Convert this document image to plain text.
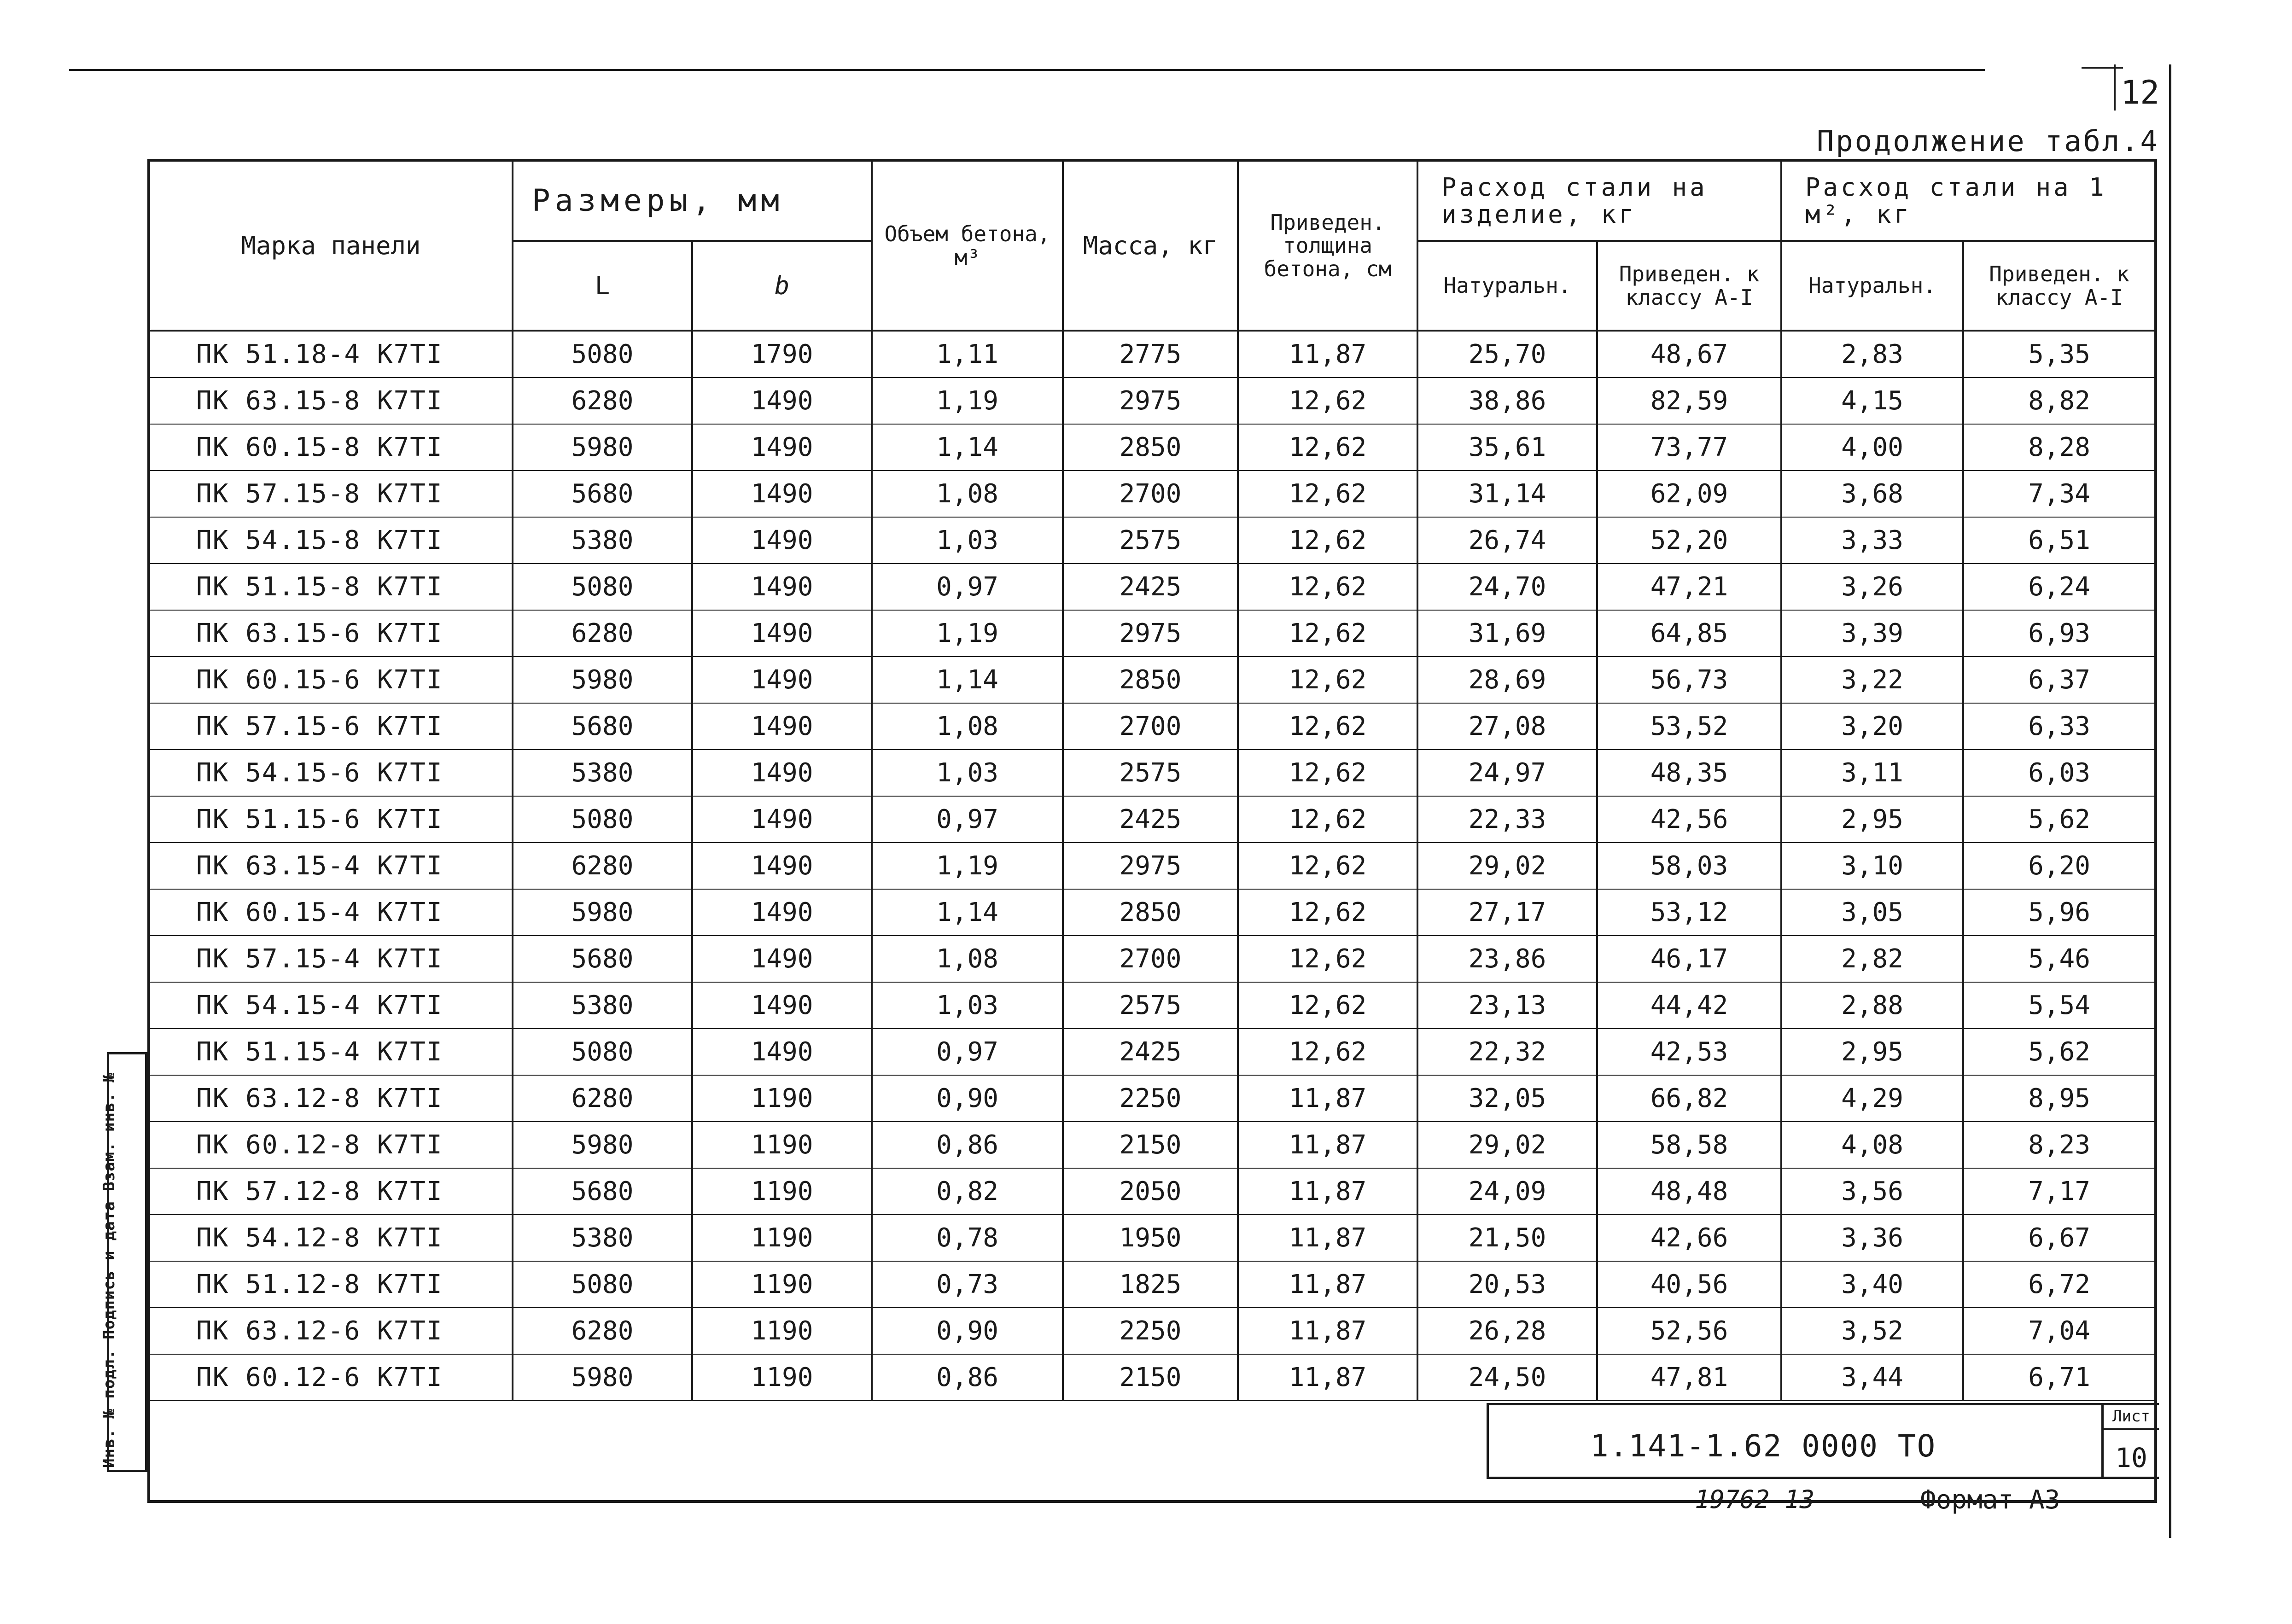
12
Продолжение табл.4
Марка панели	Размеры, мм		Объем бетона, м³	Масса, кг	Приведен. толщина бетона, см	Расход стали на изделие, кг		Расход стали на 1 м², кг	
	L	b				Натуральн.	Приведен. к классу А-I	Натуральн.	Приведен. к классу А-I
ПК 51.18-4 К7ТI	5080	1790	1,11	2775	11,87	25,70	48,67	2,83	5,35
ПК 63.15-8 К7ТI	6280	1490	1,19	2975	12,62	38,86	82,59	4,15	8,82
ПК 60.15-8 К7ТI	5980	1490	1,14	2850	12,62	35,61	73,77	4,00	8,28
ПК 57.15-8 К7ТI	5680	1490	1,08	2700	12,62	31,14	62,09	3,68	7,34
ПК 54.15-8 К7ТI	5380	1490	1,03	2575	12,62	26,74	52,20	3,33	6,51
ПК 51.15-8 К7ТI	5080	1490	0,97	2425	12,62	24,70	47,21	3,26	6,24
ПК 63.15-6 К7ТI	6280	1490	1,19	2975	12,62	31,69	64,85	3,39	6,93
ПК 60.15-6 К7ТI	5980	1490	1,14	2850	12,62	28,69	56,73	3,22	6,37
ПК 57.15-6 К7ТI	5680	1490	1,08	2700	12,62	27,08	53,52	3,20	6,33
ПК 54.15-6 К7ТI	5380	1490	1,03	2575	12,62	24,97	48,35	3,11	6,03
ПК 51.15-6 К7ТI	5080	1490	0,97	2425	12,62	22,33	42,56	2,95	5,62
ПК 63.15-4 К7ТI	6280	1490	1,19	2975	12,62	29,02	58,03	3,10	6,20
ПК 60.15-4 К7ТI	5980	1490	1,14	2850	12,62	27,17	53,12	3,05	5,96
ПК 57.15-4 К7ТI	5680	1490	1,08	2700	12,62	23,86	46,17	2,82	5,46
ПК 54.15-4 К7ТI	5380	1490	1,03	2575	12,62	23,13	44,42	2,88	5,54
ПК 51.15-4 К7ТI	5080	1490	0,97	2425	12,62	22,32	42,53	2,95	5,62
ПК 63.12-8 К7ТI	6280	1190	0,90	2250	11,87	32,05	66,82	4,29	8,95
ПК 60.12-8 К7ТI	5980	1190	0,86	2150	11,87	29,02	58,58	4,08	8,23
ПК 57.12-8 К7ТI	5680	1190	0,82	2050	11,87	24,09	48,48	3,56	7,17
ПК 54.12-8 К7ТI	5380	1190	0,78	1950	11,87	21,50	42,66	3,36	6,67
ПК 51.12-8 К7ТI	5080	1190	0,73	1825	11,87	20,53	40,56	3,40	6,72
ПК 63.12-6 К7ТI	6280	1190	0,90	2250	11,87	26,28	52,56	3,52	7,04
ПК 60.12-6 К7ТI	5980	1190	0,86	2150	11,87	24,50	47,81	3,44	6,71

1.141-1.62 0000 ТО
Лист
10
19762 13	Формат А3
Инв. № подл. Подпись и дата Взам. инв. №
